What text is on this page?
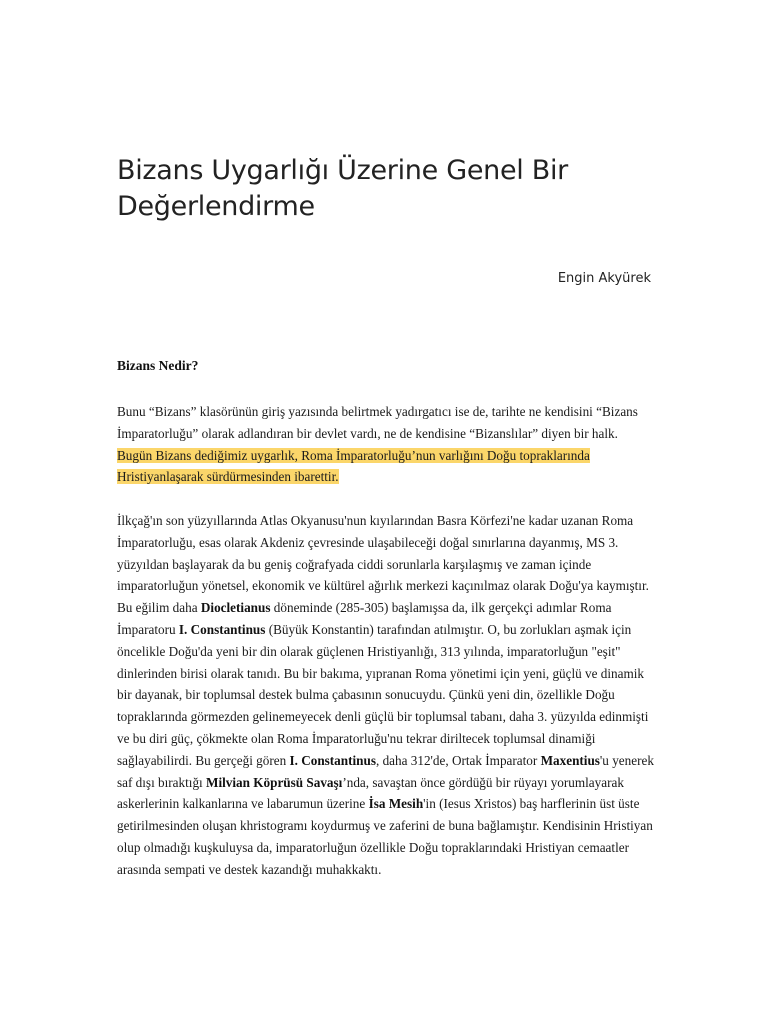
Bizans Uygarlığı Üzerine Genel Bir Değerlendirme
Engin Akyürek
Bizans Nedir?

Bunu “Bizans” klasörünün giriş yazısında belirtmek yadırgatıcı ise de, tarihte ne kendisini “Bizans İmparatorluğu” olarak adlandıran bir devlet vardı, ne de kendisine “Bizanslılar” diyen bir halk. Bugün Bizans dediğimiz uygarlık, Roma İmparatorluğu’nun varlığını Doğu topraklarında Hristiyanlaşarak sürdürmesinden ibarettir.

İlkçağ'ın son yüzyıllarında Atlas Okyanusu'nun kıyılarından Basra Körfezi'ne kadar uzanan Roma İmparatorluğu, esas olarak Akdeniz çevresinde ulaşabileceği doğal sınırlarına dayanmış, MS 3. yüzyıldan başlayarak da bu geniş coğrafyada ciddi sorunlarla karşılaşmış ve zaman içinde imparatorluğun yönetsel, ekonomik ve kültürel ağırlık merkezi kaçınılmaz olarak Doğu'ya kaymıştır. Bu eğilim daha Diocletianus döneminde (285-305) başlamışsa da, ilk gerçekçi adımlar Roma İmparatoru I. Constantinus (Büyük Konstantin) tarafından atılmıştır. O, bu zorlukları aşmak için öncelikle Doğu'da yeni bir din olarak güçlenen Hristiyanlığı, 313 yılında, imparatorluğun "eşit" dinlerinden birisi olarak tanıdı. Bu bir bakıma, yıpranan Roma yönetimi için yeni, güçlü ve dinamik bir dayanak, bir toplumsal destek bulma çabasının sonucuydu. Çünkü yeni din, özellikle Doğu topraklarında görmezden gelinemeyecek denli güçlü bir toplumsal tabanı, daha 3. yüzyılda edinmişti ve bu diri güç, çökmekte olan Roma İmparatorluğu'nu tekrar diriltecek toplumsal dinamiği sağlayabilirdi. Bu gerçeği gören I. Constantinus, daha 312'de, Ortak İmparator Maxentius'u yenerek saf dışı bıraktığı Milvian Köprüsü Savaşı’nda, savaştan önce gördüğü bir rüyayı yorumlayarak askerlerinin kalkanlarına ve labarumun üzerine İsa Mesih'in (Iesus Xristos) baş harflerinin üst üste getirilmesinden oluşan khristogramı koydurmuş ve zaferini de buna bağlamıştır. Kendisinin Hristiyan olup olmadığı kuşkuluysa da, imparatorluğun özellikle Doğu topraklarındaki Hristiyan cemaatler arasında sempati ve destek kazandığı muhakkaktı.
